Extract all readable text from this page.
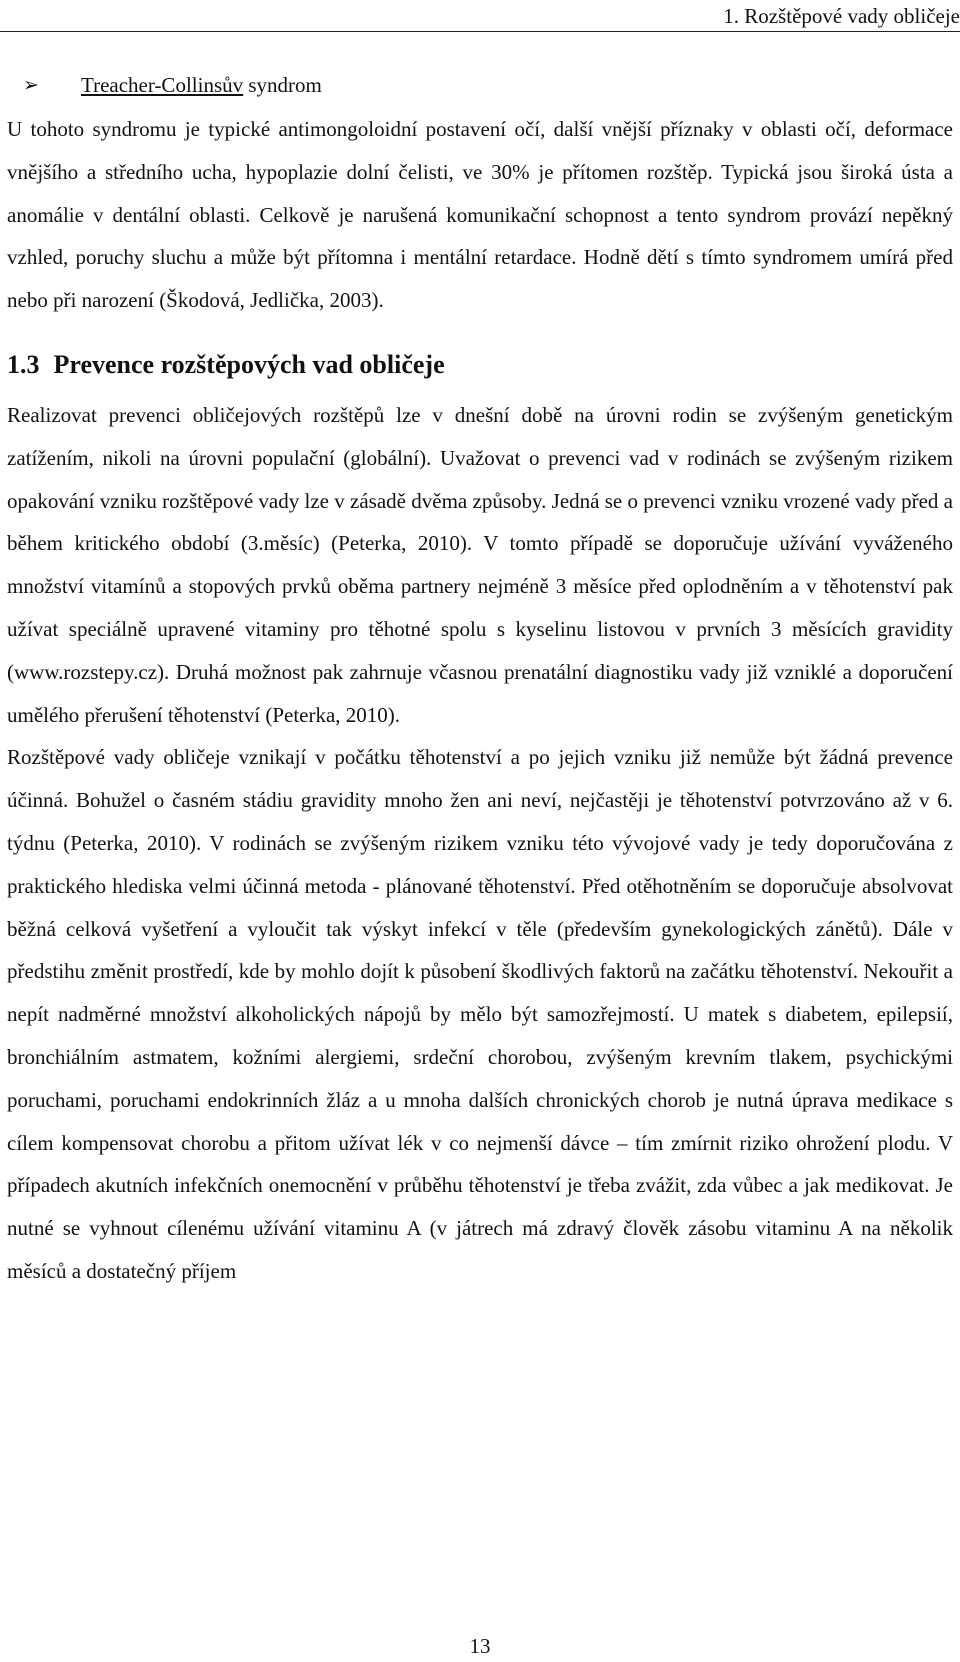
1. Rozštěpové vady obličeje
➢ Treacher-Collinsův syndrom

U tohoto syndromu je typické antimongoloidní postavení očí, další vnější příznaky v oblasti očí, deformace vnějšího a středního ucha, hypoplazie dolní čelisti, ve 30% je přítomen rozštěp. Typická jsou široká ústa a anomálie v dentální oblasti. Celkově je narušená komunikační schopnost a tento syndrom provází nepěkný vzhled, poruchy sluchu a může být přítomna i mentální retardace. Hodně dětí s tímto syndromem umírá před nebo při narození (Škodová, Jedlička, 2003).

1.3 Prevence rozštěpových vad obličeje

Realizovat prevenci obličejových rozštěpů lze v dnešní době na úrovni rodin se zvýšeným genetickým zatížením, nikoli na úrovni populační (globální). Uvažovat o prevenci vad v rodinách se zvýšeným rizikem opakování vzniku rozštěpové vady lze v zásadě dvěma způsoby. Jedná se o prevenci vzniku vrozené vady před a během kritického období (3.měsíc) (Peterka, 2010). V tomto případě se doporučuje užívání vyváženého množství vitamínů a stopových prvků oběma partnery nejméně 3 měsíce před oplodněním a v těhotenství pak užívat speciálně upravené vitaminy pro těhotné spolu s kyselinu listovou v prvních 3 měsících gravidity (www.rozstepy.cz). Druhá možnost pak zahrnuje včasnou prenatální diagnostiku vady již vzniklé a doporučení umělého přerušení těhotenství (Peterka, 2010).

Rozštěpové vady obličeje vznikají v počátku těhotenství a po jejich vzniku již nemůže být žádná prevence účinná. Bohužel o časném stádiu gravidity mnoho žen ani neví, nejčastěji je těhotenství potvrzováno až v 6. týdnu (Peterka, 2010). V rodinách se zvýšeným rizikem vzniku této vývojové vady je tedy doporučována z praktického hlediska velmi účinná metoda - plánované těhotenství. Před otěhotněním se doporučuje absolvovat běžná celková vyšetření a vyloučit tak výskyt infekcí v těle (především gynekologických zánětů). Dále v předstihu změnit prostředí, kde by mohlo dojít k působení škodlivých faktorů na začátku těhotenství. Nekouřit a nepít nadměrné množství alkoholických nápojů by mělo být samozřejmostí. U matek s diabetem, epilepsií, bronchiálním astmatem, kožními alergiemi, srdeční chorobou, zvýšeným krevním tlakem, psychickými poruchami, poruchami endokrinních žláz a u mnoha dalších chronických chorob je nutná úprava medikace s cílem kompensovat chorobu a přitom užívat lék v co nejmenší dávce – tím zmírnit riziko ohrožení plodu. V případech akutních infekčních onemocnění v průběhu těhotenství je třeba zvážit, zda vůbec a jak medikovat. Je nutné se vyhnout cílenému užívání vitaminu A (v játrech má zdravý člověk zásobu vitaminu A na několik měsíců a dostatečný příjem

13
